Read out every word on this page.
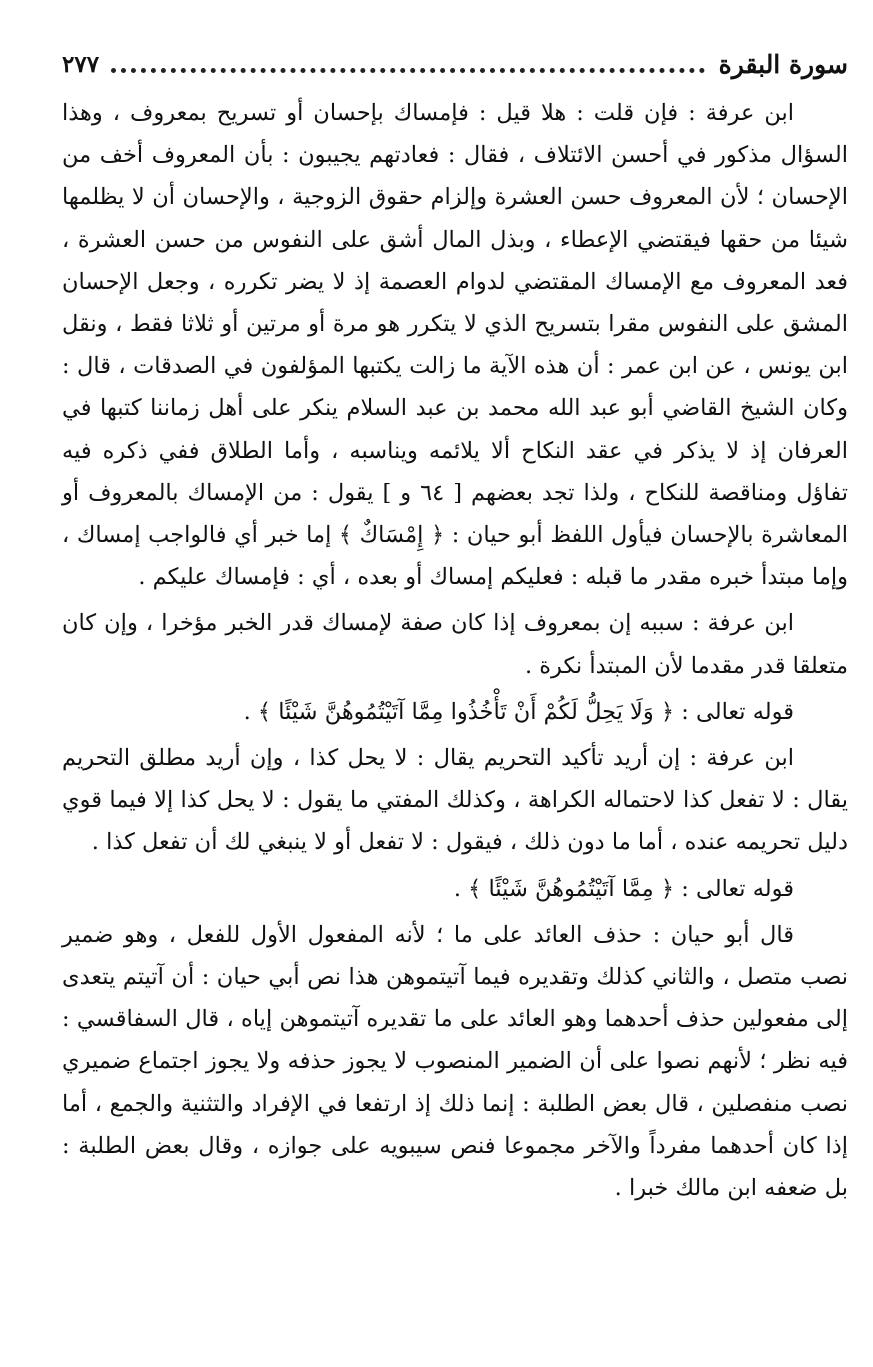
سورة البقرة
٢٧٧

ابن عرفة : فإن قلت : هلا قيل : فإمساك بإحسان أو تسريح بمعروف ، وهذا السؤال مذكور في أحسن الائتلاف ، فقال : فعادتهم يجيبون : بأن المعروف أخف من الإحسان ؛ لأن المعروف حسن العشرة وإلزام حقوق الزوجية ، والإحسان أن لا يظلمها شيئا من حقها فيقتضي الإعطاء ، وبذل المال أشق على النفوس من حسن العشرة ، فعد المعروف مع الإمساك المقتضي لدوام العصمة إذ لا يضر تكرره ، وجعل الإحسان المشق على النفوس مقرا بتسريح الذي لا يتكرر هو مرة أو مرتين أو ثلاثا فقط ، ونقل ابن يونس ، عن ابن عمر : أن هذه الآية ما زالت يكتبها المؤلفون في الصدقات ، قال : وكان الشيخ القاضي أبو عبد الله محمد بن عبد السلام ينكر على أهل زماننا كتبها في العرفان إذ لا يذكر في عقد النكاح ألا يلائمه ويناسبه ، وأما الطلاق ففي ذكره فيه تفاؤل ومناقصة للنكاح ، ولذا تجد بعضهم [ ٦٤ و ] يقول : من الإمساك بالمعروف أو المعاشرة بالإحسان فيأول اللفظ أبو حيان : ﴿ إِمْسَاكٌ ﴾ إما خبر أي فالواجب إمساك ، وإما مبتدأ خبره مقدر ما قبله : فعليكم إمساك أو بعده ، أي : فإمساك عليكم .

ابن عرفة : سببه إن بمعروف إذا كان صفة لإمساك قدر الخبر مؤخرا ، وإن كان متعلقا قدر مقدما لأن المبتدأ نكرة .

قوله تعالى : ﴿ وَلَا يَحِلُّ لَكُمْ أَنْ تَأْخُذُوا مِمَّا آتَيْتُمُوهُنَّ شَيْئًا ﴾ .

ابن عرفة : إن أريد تأكيد التحريم يقال : لا يحل كذا ، وإن أريد مطلق التحريم يقال : لا تفعل كذا لاحتماله الكراهة ، وكذلك المفتي ما يقول : لا يحل كذا إلا فيما قوي دليل تحريمه عنده ، أما ما دون ذلك ، فيقول : لا تفعل أو لا ينبغي لك أن تفعل كذا .

قوله تعالى : ﴿ مِمَّا آتَيْتُمُوهُنَّ شَيْئًا ﴾ .

قال أبو حيان : حذف العائد على ما ؛ لأنه المفعول الأول للفعل ، وهو ضمير نصب متصل ، والثاني كذلك وتقديره فيما آتيتموهن هذا نص أبي حيان : أن آتيتم يتعدى إلى مفعولين حذف أحدهما وهو العائد على ما تقديره آتيتموهن إياه ، قال السفاقسي : فيه نظر ؛ لأنهم نصوا على أن الضمير المنصوب لا يجوز حذفه ولا يجوز اجتماع ضميري نصب منفصلين ، قال بعض الطلبة : إنما ذلك إذ ارتفعا في الإفراد والتثنية والجمع ، أما إذا كان أحدهما مفرداً والآخر مجموعا فنص سيبويه على جوازه ، وقال بعض الطلبة : بل ضعفه ابن مالك خبرا .
